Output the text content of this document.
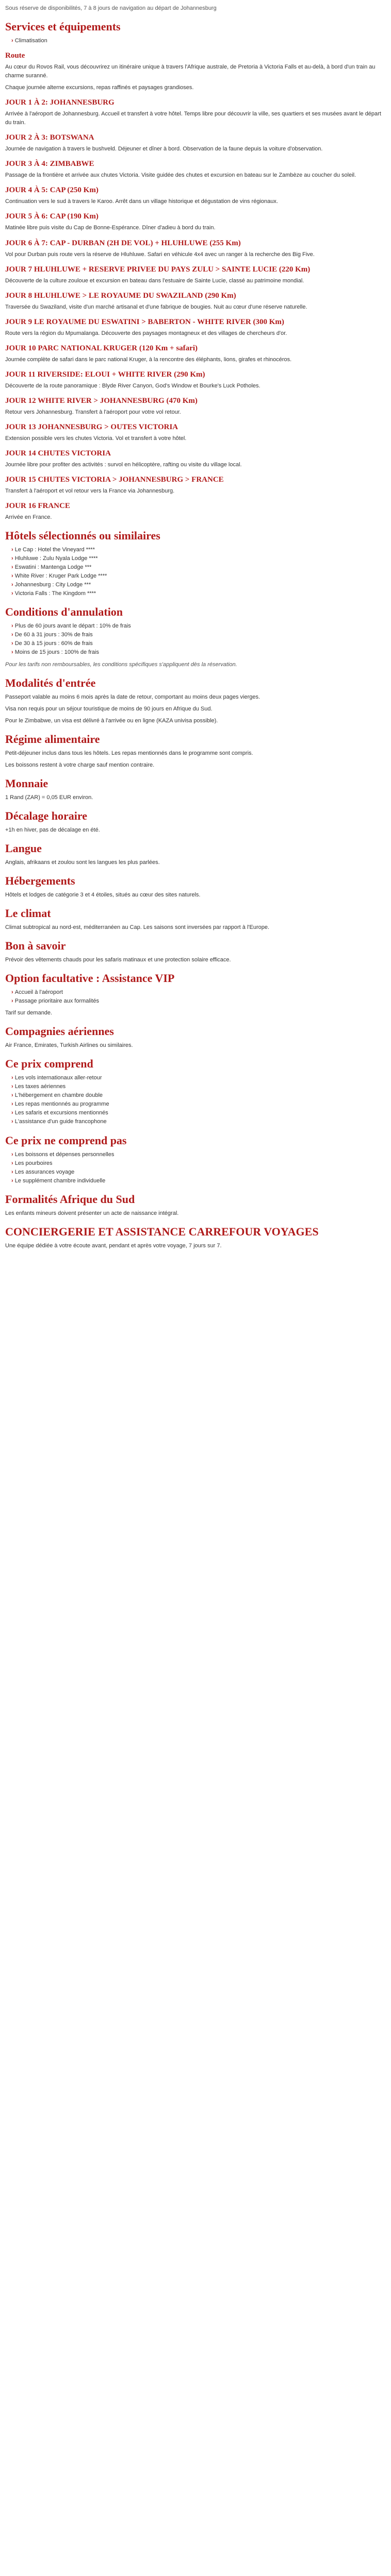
Sous réserve de disponibilités, 7 à 8 jours de navigation au départ de Johannesburg

Services et équipements
› Climatisation
Route

Au cœur du Rovos Rail, vous découvrirez un itinéraire unique à travers l'Afrique australe, de Pretoria à Victoria Falls et au-delà, à bord d'un train au charme suranné.

Chaque journée alterne excursions, repas raffinés et paysages grandioses.

JOUR 1 À 2: JOHANNESBURG

Arrivée à l'aéroport de Johannesburg. Accueil et transfert à votre hôtel. Temps libre pour découvrir la ville, ses quartiers et ses musées avant le départ du train.

JOUR 2 À 3: BOTSWANA

Journée de navigation à travers le bushveld. Déjeuner et dîner à bord. Observation de la faune depuis la voiture d'observation.

JOUR 3 À 4: ZIMBABWE

Passage de la frontière et arrivée aux chutes Victoria. Visite guidée des chutes et excursion en bateau sur le Zambèze au coucher du soleil.

JOUR 4 À 5: CAP (250 Km)

Continuation vers le sud à travers le Karoo. Arrêt dans un village historique et dégustation de vins régionaux.

JOUR 5 À 6: CAP (190 Km)

Matinée libre puis visite du Cap de Bonne-Espérance. Dîner d'adieu à bord du train.

JOUR 6 À 7: CAP - DURBAN (2H DE VOL) + HLUHLUWE (255 Km)

Vol pour Durban puis route vers la réserve de Hluhluwe. Safari en véhicule 4x4 avec un ranger à la recherche des Big Five.

JOUR 7 HLUHLUWE + RESERVE PRIVEE DU PAYS ZULU > SAINTE LUCIE (220 Km)

Découverte de la culture zouloue et excursion en bateau dans l'estuaire de Sainte Lucie, classé au patrimoine mondial.

JOUR 8 HLUHLUWE > LE ROYAUME DU SWAZILAND (290 Km)

Traversée du Swaziland, visite d'un marché artisanal et d'une fabrique de bougies. Nuit au cœur d'une réserve naturelle.

JOUR 9 LE ROYAUME DU ESWATINI > BABERTON - WHITE RIVER (300 Km)

Route vers la région du Mpumalanga. Découverte des paysages montagneux et des villages de chercheurs d'or.

JOUR 10 PARC NATIONAL KRUGER (120 Km + safari)

Journée complète de safari dans le parc national Kruger, à la rencontre des éléphants, lions, girafes et rhinocéros.

JOUR 11 RIVERSIDE: ELOUI + WHITE RIVER (290 Km)

Découverte de la route panoramique : Blyde River Canyon, God's Window et Bourke's Luck Potholes.

JOUR 12 WHITE RIVER > JOHANNESBURG (470 Km)

Retour vers Johannesburg. Transfert à l'aéroport pour votre vol retour.

JOUR 13 JOHANNESBURG > OUTES VICTORIA

Extension possible vers les chutes Victoria. Vol et transfert à votre hôtel.

JOUR 14 CHUTES VICTORIA

Journée libre pour profiter des activités : survol en hélicoptère, rafting ou visite du village local.

JOUR 15 CHUTES VICTORIA > JOHANNESBURG > FRANCE

Transfert à l'aéroport et vol retour vers la France via Johannesburg.

JOUR 16 FRANCE

Arrivée en France.

Hôtels sélectionnés ou similaires
› Le Cap : Hotel the Vineyard ****
› Hluhluwe : Zulu Nyala Lodge ****
› Eswatini : Mantenga Lodge ***
› White River : Kruger Park Lodge ****
› Johannesburg : City Lodge ***
› Victoria Falls : The Kingdom ****
Conditions d'annulation
› Plus de 60 jours avant le départ : 10% de frais
› De 60 à 31 jours : 30% de frais
› De 30 à 15 jours : 60% de frais
› Moins de 15 jours : 100% de frais

Pour les tarifs non remboursables, les conditions spécifiques s'appliquent dès la réservation.

Modalités d'entrée

Passeport valable au moins 6 mois après la date de retour, comportant au moins deux pages vierges.

Visa non requis pour un séjour touristique de moins de 90 jours en Afrique du Sud.

Pour le Zimbabwe, un visa est délivré à l'arrivée ou en ligne (KAZA univisa possible).

Régime alimentaire

Petit-déjeuner inclus dans tous les hôtels. Les repas mentionnés dans le programme sont compris.

Les boissons restent à votre charge sauf mention contraire.

Monnaie

1 Rand (ZAR) = 0,05 EUR environ.

Décalage horaire

+1h en hiver, pas de décalage en été.

Langue

Anglais, afrikaans et zoulou sont les langues les plus parlées.

Hébergements

Hôtels et lodges de catégorie 3 et 4 étoiles, situés au cœur des sites naturels.

Le climat

Climat subtropical au nord-est, méditerranéen au Cap. Les saisons sont inversées par rapport à l'Europe.

Bon à savoir

Prévoir des vêtements chauds pour les safaris matinaux et une protection solaire efficace.

Option facultative : Assistance VIP
› Accueil à l'aéroport
› Passage prioritaire aux formalités

Tarif sur demande.

Compagnies aériennes

Air France, Emirates, Turkish Airlines ou similaires.

Ce prix comprend
› Les vols internationaux aller-retour
› Les taxes aériennes
› L'hébergement en chambre double
› Les repas mentionnés au programme
› Les safaris et excursions mentionnés
› L'assistance d'un guide francophone
Ce prix ne comprend pas
› Les boissons et dépenses personnelles
› Les pourboires
› Les assurances voyage
› Le supplément chambre individuelle
Formalités Afrique du Sud

Les enfants mineurs doivent présenter un acte de naissance intégral.

CONCIERGERIE ET ASSISTANCE CARREFOUR VOYAGES

Une équipe dédiée à votre écoute avant, pendant et après votre voyage, 7 jours sur 7.
